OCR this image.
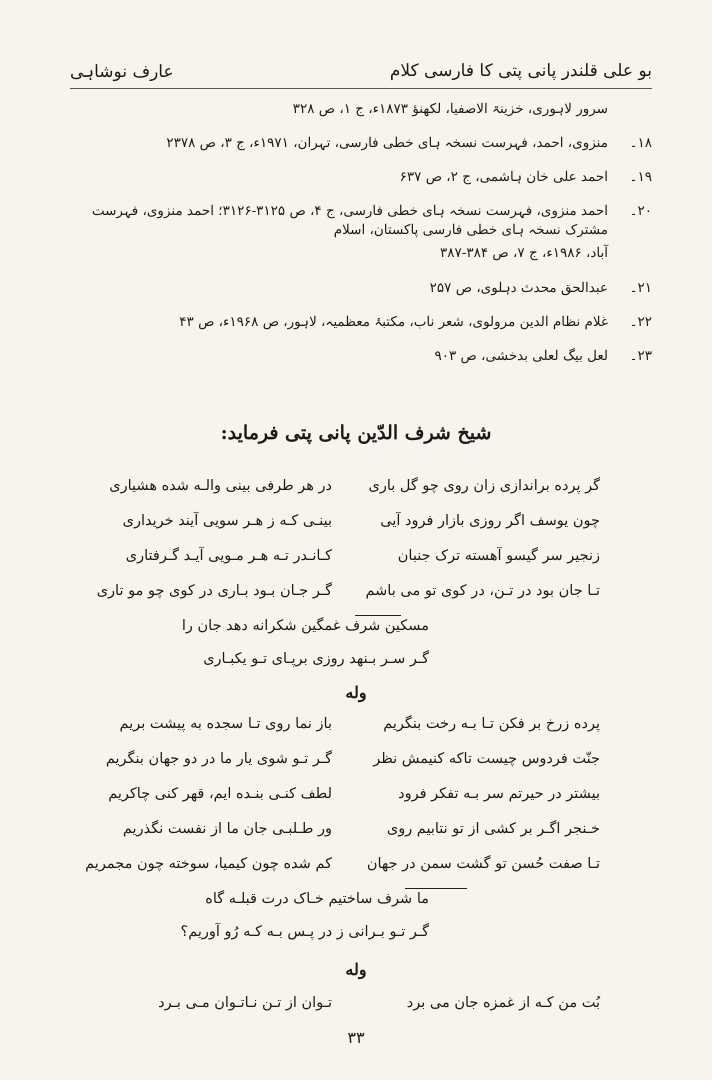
بو علی قلندر پانی پتی کا فارسی کلام
عارف نوشاہی
سرور لاہوری، خزینۃ الاصفیا، لکھنؤ ۱۸۷۳ء، ج ۱، ص ۳۲۸
۱۸۔
منزوی، احمد، فہرست نسخہ ہای خطی فارسی، تہران، ۱۹۷۱ء، ج ۳، ص ۲۳۷۸
۱۹۔
احمد علی خان ہاشمی، ج ۲، ص ۶۳۷
۲۰۔
احمد منزوی، فہرست نسخہ ہای خطی فارسی، ج ۴، ص ۳۱۲۵-۳۱۲۶؛ احمد منزوی، فہرست مشترک نسخہ ہای خطی فارسی پاکستان، اسلام
آباد، ۱۹۸۶ء، ج ۷، ص ۳۸۴-۳۸۷
۲۱۔
عبدالحق محدث دہلوی، ص ۲۵۷
۲۲۔
غلام نظام الدین مرولوی، شعر ناب، مکتبۂ معظمیہ، لاہور، ص ۱۹۶۸ء، ص ۴۳
۲۳۔
لعل بیگ لعلی بدخشی، ص ۹۰۳
شیخ شرف الدّین پانی پتی فرماید:
گر پرده براندازی زان روی چو گل باری
در هر طرفی بینی والـه شده هشیاری
چون یوسف اگر روزی بازار فرود آیی
بینـی کـه ز هـر سویی آیند خریداری
زنجیر سر گیسو آهسته ترک جنبان
کـانـدر تـه هـر مـویی آیـد گـرفتاری
تـا جان بود در تـن، در کوی تو می باشم
گـر جـان بـود بـاری در کوی چو مو تاری
مسکین شرف غمگین شکرانه دهد جان را
گـر سـر بـنهد روزی برپـای تـو یکبـاری
وله
پرده زرخ بر فکن تـا بـه رخت بنگریم
باز نما روی تـا سجده به پیشت بریم
جنّت فردوس چیست تاکه کنیمش نظر
گـر تـو شوی یار ما در دو جهان بنگریم
بیشتر در حیرتم سر بـه تفکر فرود
لطف کنـی بنـده ایم، قهر کنی چاکریم
خـنجر اگـر بر کشی از تو نتابیم روی
ور طـلبـی جان ما از نفست نگذریم
تـا صفت حُسن تو گشت سمن در جهان
کم شده چون کیمیا، سوخته چون مجمریم
ما شرف ساختیم خـاک درت قبلـه گاه
گـر تـو بـرانی ز در پـس بـه کـه رُو آوریم؟
وله
بُت من کـه از غمزه جان می برد
تـوان از تـن نـاتـوان مـی بـرد
۳۳
